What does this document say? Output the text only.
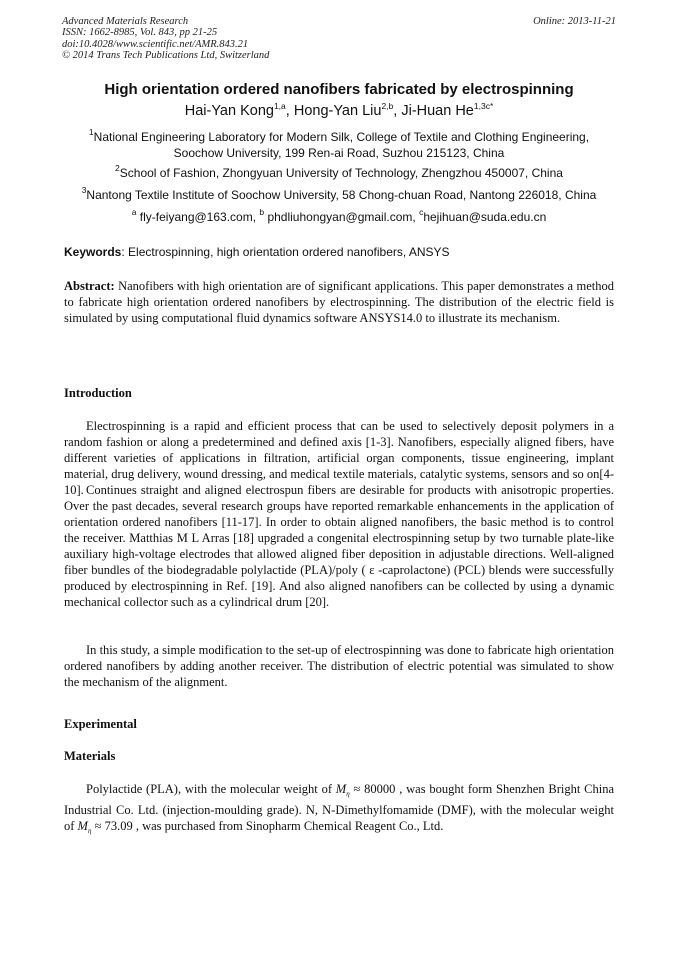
Advanced Materials Research
ISSN: 1662-8985, Vol. 843, pp 21-25
doi:10.4028/www.scientific.net/AMR.843.21
© 2014 Trans Tech Publications Ltd, Switzerland
Online: 2013-11-21
High orientation ordered nanofibers fabricated by electrospinning
Hai-Yan Kong$^{1,a}$, Hong-Yan Liu$^{2,b}$, Ji-Huan $He^{1,3c*}$
$^1$National Engineering Laboratory for Modern Silk, College of Textile and Clothing Engineering,
Soochow University, 199 Ren-ai Road, Suzhou 215123, China
$^2$School of Fashion, Zhongyuan University of Technology, Zhengzhou 450007, China
$^3$Nantong Textile Institute of Soochow University, 58 Chong-chuan Road, Nantong 226018, China
$^a$ fly-feiyang@163.com, $^b$ phdliuhongyan@gmail.com, $^c$hejihuan@suda.edu.cn
Keywords: Electrospinning, high orientation ordered nanofibers, ANSYS
Abstract: Nanofibers with high orientation are of significant applications. This paper demonstrates a method to fabricate high orientation ordered nanofibers by electrospinning. The distribution of the electric field is simulated by using computational fluid dynamics software ANSYS14.0 to illustrate its mechanism.
Introduction
Electrospinning is a rapid and efficient process that can be used to selectively deposit polymers in a random fashion or along a predetermined and defined axis [1-3]. Nanofibers, especially aligned fibers, have different varieties of applications in filtration, artificial organ components, tissue engineering, implant material, drug delivery, wound dressing, and medical textile materials, catalytic systems, sensors and so on[4-10]. Continues straight and aligned electrospun fibers are desirable for products with anisotropic properties. Over the past decades, several research groups have reported remarkable enhancements in the application of orientation ordered nanofibers [11-17]. In order to obtain aligned nanofibers, the basic method is to control the receiver. Matthias M L Arras [18] upgraded a congenital electrospinning setup by two turnable plate-like auxiliary high-voltage electrodes that allowed aligned fiber deposition in adjustable directions. Well-aligned fiber bundles of the biodegradable polylactide (PLA)/poly ( ε -caprolactone) (PCL) blends were successfully produced by electrospinning in Ref. [19]. And also aligned nanofibers can be collected by using a dynamic mechanical collector such as a cylindrical drum [20].
In this study, a simple modification to the set-up of electrospinning was done to fabricate high orientation ordered nanofibers by adding another receiver. The distribution of electric potential was simulated to show the mechanism of the alignment.
Experimental
Materials
Polylactide (PLA), with the molecular weight of $M_\eta \approx 80000$ , was bought form Shenzhen Bright China Industrial Co. Ltd. (injection-moulding grade). N, N-Dimethylfomamide (DMF), with the molecular weight of $M_\eta \approx 73.09$ , was purchased from Sinopharm Chemical Reagent Co., Ltd.
